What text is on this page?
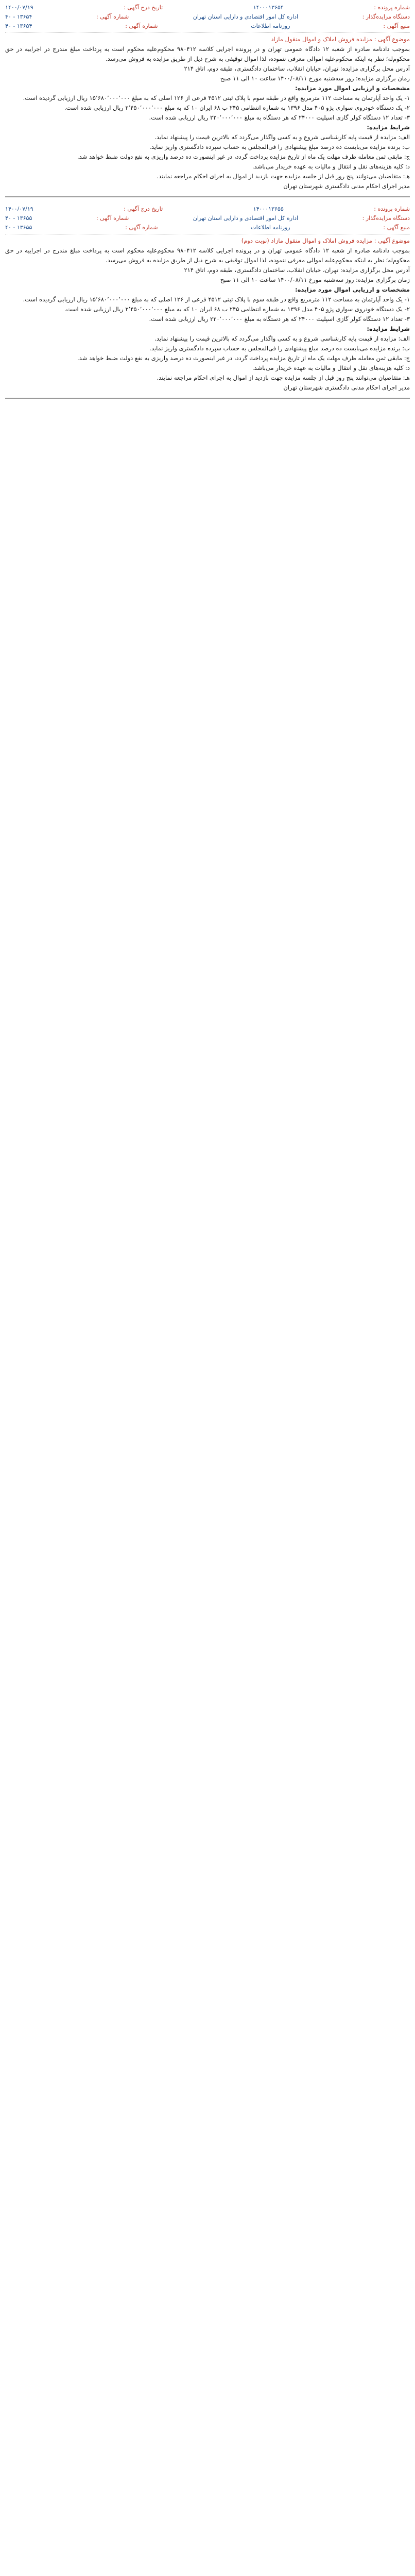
شماره پرونده :
۱۴۰۰۰۱۳۶۵۴
تاریخ درج آگهی :
۱۴۰۰/۰۷/۱۹
دستگاه مزایده‌گذار :
اداره کل امور اقتصادی و دارایی استان تهران
شماره آگهی :
۱۳۶۵۴ - ۴۰
منبع آگهی :
روزنامه اطلاعات
شماره آگهی :
۱۳۶۵۴ - ۴۰

موضوع آگهی : مزایده فروش املاک و اموال منقول مازاد

بموجب دادنامه صادره از شعبه ۱۲ دادگاه عمومی تهران و در پرونده اجرایی کلاسه ۹۸۰۴۱۲ محکوم‌علیه محکوم است به پرداخت مبلغ مندرج در اجراییه در حق محکوم‌له؛ نظر به اینکه محکوم‌علیه اموالی معرفی ننموده، لذا اموال توقیفی به شرح ذیل از طریق مزایده به فروش می‌رسد.

آدرس محل برگزاری مزایده: تهران، خیابان انقلاب، ساختمان دادگستری، طبقه دوم، اتاق ۲۱۴

زمان برگزاری مزایده: روز سه‌شنبه مورخ ۱۴۰۰/۰۸/۱۱ ساعت ۱۰ الی ۱۱ صبح

مشخصات و ارزیابی اموال مورد مزایده:

۱- یک واحد آپارتمان به مساحت ۱۱۲ مترمربع واقع در طبقه سوم با پلاک ثبتی ۴۵۱۲ فرعی از ۱۲۶ اصلی که به مبلغ ۱۵٬۶۸۰٬۰۰۰٬۰۰۰ ریال ارزیابی گردیده است.

۲- یک دستگاه خودروی سواری پژو ۴۰۵ مدل ۱۳۹۶ به شماره انتظامی ۲۴۵ ب ۶۸ ایران ۱۰ که به مبلغ ۲٬۴۵۰٬۰۰۰٬۰۰۰ ریال ارزیابی شده است.

۳- تعداد ۱۲ دستگاه کولر گازی اسپلیت ۲۴۰۰۰ که هر دستگاه به مبلغ ۲۲۰٬۰۰۰٬۰۰۰ ریال ارزیابی شده است.

شرایط مزایده:

الف: مزایده از قیمت پایه کارشناسی شروع و به کسی واگذار می‌گردد که بالاترین قیمت را پیشنهاد نماید.

ب: برنده مزایده می‌بایست ده درصد مبلغ پیشنهادی را فی‌المجلس به حساب سپرده دادگستری واریز نماید.

ج: مابقی ثمن معامله ظرف مهلت یک ماه از تاریخ مزایده پرداخت گردد، در غیر اینصورت ده درصد واریزی به نفع دولت ضبط خواهد شد.

د: کلیه هزینه‌های نقل و انتقال و مالیات به عهده خریدار می‌باشد.

هـ: متقاضیان می‌توانند پنج روز قبل از جلسه مزایده جهت بازدید از اموال به اجرای احکام مراجعه نمایند.

مدیر اجرای احکام مدنی دادگستری شهرستان تهران

شماره پرونده :
۱۴۰۰۰۱۳۶۵۵
تاریخ درج آگهی :
۱۴۰۰/۰۷/۱۹
دستگاه مزایده‌گذار :
اداره کل امور اقتصادی و دارایی استان تهران
شماره آگهی :
۱۳۶۵۵ - ۴۰
منبع آگهی :
روزنامه اطلاعات
شماره آگهی :
۱۳۶۵۵ - ۴۰

موضوع آگهی : مزایده فروش املاک و اموال منقول مازاد (نوبت دوم)

بموجب دادنامه صادره از شعبه ۱۲ دادگاه عمومی تهران و در پرونده اجرایی کلاسه ۹۸۰۴۱۲ محکوم‌علیه محکوم است به پرداخت مبلغ مندرج در اجراییه در حق محکوم‌له؛ نظر به اینکه محکوم‌علیه اموالی معرفی ننموده، لذا اموال توقیفی به شرح ذیل از طریق مزایده به فروش می‌رسد.

آدرس محل برگزاری مزایده: تهران، خیابان انقلاب، ساختمان دادگستری، طبقه دوم، اتاق ۲۱۴

زمان برگزاری مزایده: روز سه‌شنبه مورخ ۱۴۰۰/۰۸/۱۱ ساعت ۱۰ الی ۱۱ صبح

مشخصات و ارزیابی اموال مورد مزایده:

۱- یک واحد آپارتمان به مساحت ۱۱۲ مترمربع واقع در طبقه سوم با پلاک ثبتی ۴۵۱۲ فرعی از ۱۲۶ اصلی که به مبلغ ۱۵٬۶۸۰٬۰۰۰٬۰۰۰ ریال ارزیابی گردیده است.

۲- یک دستگاه خودروی سواری پژو ۴۰۵ مدل ۱۳۹۶ به شماره انتظامی ۲۴۵ ب ۶۸ ایران ۱۰ که به مبلغ ۲٬۴۵۰٬۰۰۰٬۰۰۰ ریال ارزیابی شده است.

۳- تعداد ۱۲ دستگاه کولر گازی اسپلیت ۲۴۰۰۰ که هر دستگاه به مبلغ ۲۲۰٬۰۰۰٬۰۰۰ ریال ارزیابی شده است.

شرایط مزایده:

الف: مزایده از قیمت پایه کارشناسی شروع و به کسی واگذار می‌گردد که بالاترین قیمت را پیشنهاد نماید.

ب: برنده مزایده می‌بایست ده درصد مبلغ پیشنهادی را فی‌المجلس به حساب سپرده دادگستری واریز نماید.

ج: مابقی ثمن معامله ظرف مهلت یک ماه از تاریخ مزایده پرداخت گردد، در غیر اینصورت ده درصد واریزی به نفع دولت ضبط خواهد شد.

د: کلیه هزینه‌های نقل و انتقال و مالیات به عهده خریدار می‌باشد.

هـ: متقاضیان می‌توانند پنج روز قبل از جلسه مزایده جهت بازدید از اموال به اجرای احکام مراجعه نمایند.

مدیر اجرای احکام مدنی دادگستری شهرستان تهران
